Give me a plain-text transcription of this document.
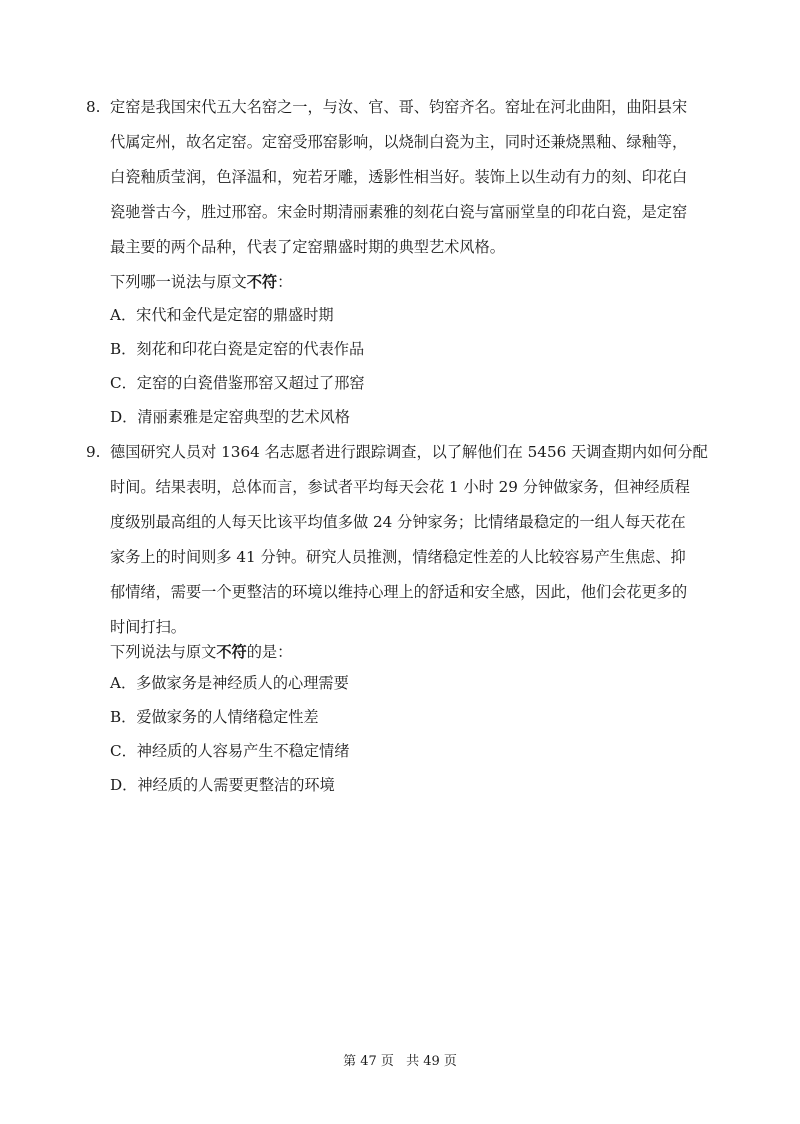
8. 定窑是我国宋代五大名窑之一，与汝、官、哥、钧窑齐名。窑址在河北曲阳，曲阳县宋
代属定州，故名定窑。定窑受邢窑影响，以烧制白瓷为主，同时还兼烧黑釉、绿釉等，
白瓷釉质莹润，色泽温和，宛若牙雕，透影性相当好。装饰上以生动有力的刻、印花白
瓷驰誉古今，胜过邢窑。宋金时期清丽素雅的刻花白瓷与富丽堂皇的印花白瓷，是定窑
最主要的两个品种，代表了定窑鼎盛时期的典型艺术风格。
下列哪一说法与原文不符：
A．宋代和金代是定窑的鼎盛时期
B．刻花和印花白瓷是定窑的代表作品
C．定窑的白瓷借鉴邢窑又超过了邢窑
D．清丽素雅是定窑典型的艺术风格
9. 德国研究人员对 1364 名志愿者进行跟踪调查，以了解他们在 5456 天调查期内如何分配
时间。结果表明，总体而言，参试者平均每天会花 1 小时 29 分钟做家务，但神经质程
度级别最高组的人每天比该平均值多做 24 分钟家务；比情绪最稳定的一组人每天花在
家务上的时间则多 41 分钟。研究人员推测，情绪稳定性差的人比较容易产生焦虑、抑
郁情绪，需要一个更整洁的环境以维持心理上的舒适和安全感，因此，他们会花更多的
时间打扫。
下列说法与原文不符的是：
A．多做家务是神经质人的心理需要
B．爱做家务的人情绪稳定性差
C．神经质的人容易产生不稳定情绪
D．神经质的人需要更整洁的环境
第 47 页 共 49 页
